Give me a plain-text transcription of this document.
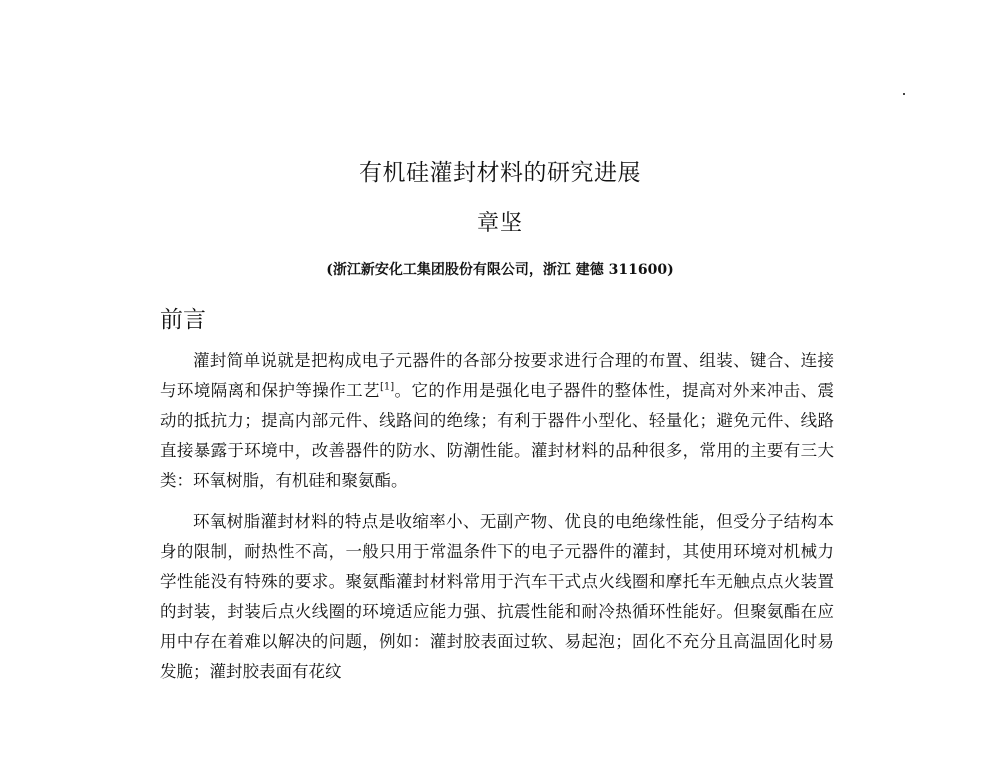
有机硅灌封材料的研究进展
章坚
(浙江新安化工集团股份有限公司，浙江 建德 311600)
前言

灌封简单说就是把构成电子元器件的各部分按要求进行合理的布置、组装、键合、连接与环境隔离和保护等操作工艺[1]。它的作用是强化电子器件的整体性，提高对外来冲击、震动的抵抗力；提高内部元件、线路间的绝缘；有利于器件小型化、轻量化；避免元件、线路直接暴露于环境中，改善器件的防水、防潮性能。灌封材料的品种很多，常用的主要有三大类：环氧树脂，有机硅和聚氨酯。

环氧树脂灌封材料的特点是收缩率小、无副产物、优良的电绝缘性能，但受分子结构本身的限制，耐热性不高，一般只用于常温条件下的电子元器件的灌封，其使用环境对机械力学性能没有特殊的要求。聚氨酯灌封材料常用于汽车干式点火线圈和摩托车无触点点火装置的封装，封装后点火线圈的环境适应能力强、抗震性能和耐冷热循环性能好。但聚氨酯在应用中存在着难以解决的问题，例如：灌封胶表面过软、易起泡；固化不充分且高温固化时易发脆；灌封胶表面有花纹
